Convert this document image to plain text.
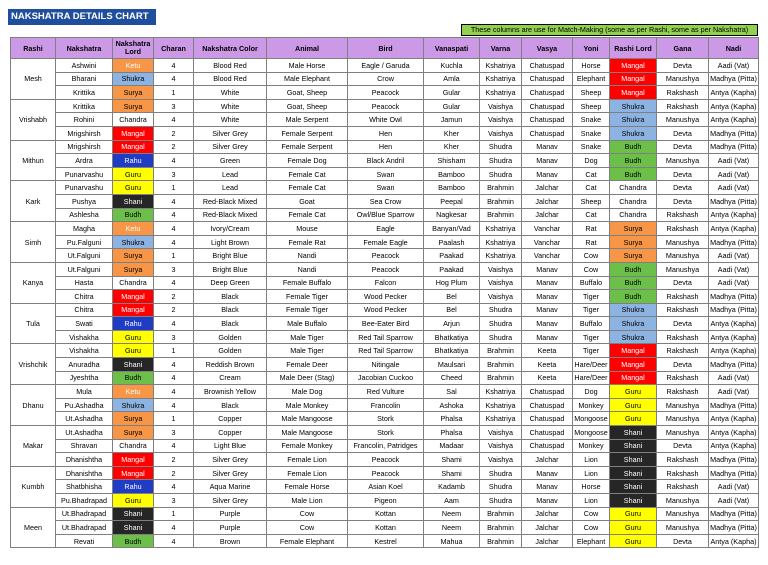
NAKSHATRA DETAILS CHART
These columns are use for Match-Making (some as per Rashi, some as per Nakshatra)
Rashi	Nakshatra	Nakshatra Lord	Charan	Nakshatra Color	Animal	Bird	Vanaspati	Varna	Vasya	Yoni	Rashi Lord	Gana	Nadi
Mesh	Ashwini	Ketu	4	Blood Red	Male Horse	Eagle / Garuda	Kuchla	Kshatriya	Chatuspad	Horse	Mangal	Devta	Aadi (Vat)
	Bharani	Shukra	4	Blood Red	Male Elephant	Crow	Amla	Kshatriya	Chatuspad	Elephant	Mangal	Manushya	Madhya (Pitta)
	Krittika	Surya	1	White	Goat, Sheep	Peacock	Gular	Kshatriya	Chatuspad	Sheep	Mangal	Rakshash	Antya (Kapha)
Vrishabh	Krittika	Surya	3	White	Goat, Sheep	Peacock	Gular	Vaishya	Chatuspad	Sheep	Shukra	Rakshash	Antya (Kapha)
	Rohini	Chandra	4	White	Male Serpent	White Owl	Jamun	Vaishya	Chatuspad	Snake	Shukra	Manushya	Antya (Kapha)
	Mrigshirsh	Mangal	2	Silver Grey	Female Serpent	Hen	Kher	Vaishya	Chatuspad	Snake	Shukra	Devta	Madhya (Pitta)
Mithun	Mrigshirsh	Mangal	2	Silver Grey	Female Serpent	Hen	Kher	Shudra	Manav	Snake	Budh	Devta	Madhya (Pitta)
	Ardra	Rahu	4	Green	Female Dog	Black Andril	Shisham	Shudra	Manav	Dog	Budh	Manushya	Aadi (Vat)
	Punarvashu	Guru	3	Lead	Female Cat	Swan	Bamboo	Shudra	Manav	Cat	Budh	Devta	Aadi (Vat)
Kark	Punarvashu	Guru	1	Lead	Female Cat	Swan	Bamboo	Brahmin	Jalchar	Cat	Chandra	Devta	Aadi (Vat)
	Pushya	Shani	4	Red-Black Mixed	Goat	Sea Crow	Peepal	Brahmin	Jalchar	Sheep	Chandra	Devta	Madhya (Pitta)
	Ashlesha	Budh	4	Red-Black Mixed	Female Cat	Owl/Blue Sparrow	Nagkesar	Brahmin	Jalchar	Cat	Chandra	Rakshash	Antya (Kapha)
Simh	Magha	Ketu	4	Ivory/Cream	Mouse	Eagle	Banyan/Vad	Kshatriya	Vanchar	Rat	Surya	Rakshash	Antya (Kapha)
	Pu.Falguni	Shukra	4	Light Brown	Female Rat	Female Eagle	Paalash	Kshatriya	Vanchar	Rat	Surya	Manushya	Madhya (Pitta)
	Ut.Falguni	Surya	1	Bright Blue	Nandi	Peacock	Paakad	Kshatriya	Vanchar	Cow	Surya	Manushya	Aadi (Vat)
Kanya	Ut.Falguni	Surya	3	Bright Blue	Nandi	Peacock	Paakad	Vaishya	Manav	Cow	Budh	Manushya	Aadi (Vat)
	Hasta	Chandra	4	Deep Green	Female Buffalo	Falcon	Hog Plum	Vaishya	Manav	Buffalo	Budh	Devta	Aadi (Vat)
	Chitra	Mangal	2	Black	Female Tiger	Wood Pecker	Bel	Vaishya	Manav	Tiger	Budh	Rakshash	Madhya (Pitta)
Tula	Chitra	Mangal	2	Black	Female Tiger	Wood Pecker	Bel	Shudra	Manav	Tiger	Shukra	Rakshash	Madhya (Pitta)
	Swati	Rahu	4	Black	Male Buffalo	Bee-Eater Bird	Arjun	Shudra	Manav	Buffalo	Shukra	Devta	Antya (Kapha)
	Vishakha	Guru	3	Golden	Male Tiger	Red Tail Sparrow	Bhatkatiya	Shudra	Manav	Tiger	Shukra	Rakshash	Antya (Kapha)
Vrishchik	Vishakha	Guru	1	Golden	Male Tiger	Red Tail Sparrow	Bhatkatiya	Brahmin	Keeta	Tiger	Mangal	Rakshash	Antya (Kapha)
	Anuradha	Shani	4	Reddish Brown	Female Deer	Nitingale	Maulsari	Brahmin	Keeta	Hare/Deer	Mangal	Devta	Madhya (Pitta)
	Jyeshtha	Budh	4	Cream	Male Deer (Stag)	Jacobian Cuckoo	Cheed	Brahmin	Keeta	Hare/Deer	Mangal	Rakshash	Aadi (Vat)
Dhanu	Mula	Ketu	4	Brownish Yellow	Male Dog	Red Vulture	Sal	Kshatriya	Chatuspad	Dog	Guru	Rakshash	Aadi (Vat)
	Pu.Ashadha	Shukra	4	Black	Male Monkey	Francolin	Ashoka	Kshatriya	Chatuspad	Monkey	Guru	Manushya	Madhya (Pitta)
	Ut.Ashadha	Surya	1	Copper	Male Mangoose	Stork	Phalsa	Kshatriya	Chatuspad	Mongoose	Guru	Manushya	Antya (Kapha)
Makar	Ut.Ashadha	Surya	3	Copper	Male Mangoose	Stork	Phalsa	Vaishya	Chatuspad	Mongoose	Shani	Manushya	Antya (Kapha)
	Shravan	Chandra	4	Light Blue	Female Monkey	Francolin, Patridges	Madaar	Vaishya	Chatuspad	Monkey	Shani	Devta	Antya (Kapha)
	Dhanishtha	Mangal	2	Silver Grey	Female Lion	Peacock	Shami	Vaishya	Jalchar	Lion	Shani	Rakshash	Madhya (Pitta)
Kumbh	Dhanishtha	Mangal	2	Silver Grey	Female Lion	Peacock	Shami	Shudra	Manav	Lion	Shani	Rakshash	Madhya (Pitta)
	Shatbhisha	Rahu	4	Aqua Marine	Female Horse	Asian Koel	Kadamb	Shudra	Manav	Horse	Shani	Rakshash	Aadi (Vat)
	Pu.Bhadrapad	Guru	3	Silver Grey	Male Lion	Pigeon	Aam	Shudra	Manav	Lion	Shani	Manushya	Aadi (Vat)
Meen	Ut.Bhadrapad	Shani	1	Purple	Cow	Kottan	Neem	Brahmin	Jalchar	Cow	Guru	Manushya	Madhya (Pitta)
	Ut.Bhadrapad	Shani	4	Purple	Cow	Kottan	Neem	Brahmin	Jalchar	Cow	Guru	Manushya	Madhya (Pitta)
	Revati	Budh	4	Brown	Female Elephant	Kestrel	Mahua	Brahmin	Jalchar	Elephant	Guru	Devta	Antya (Kapha)
